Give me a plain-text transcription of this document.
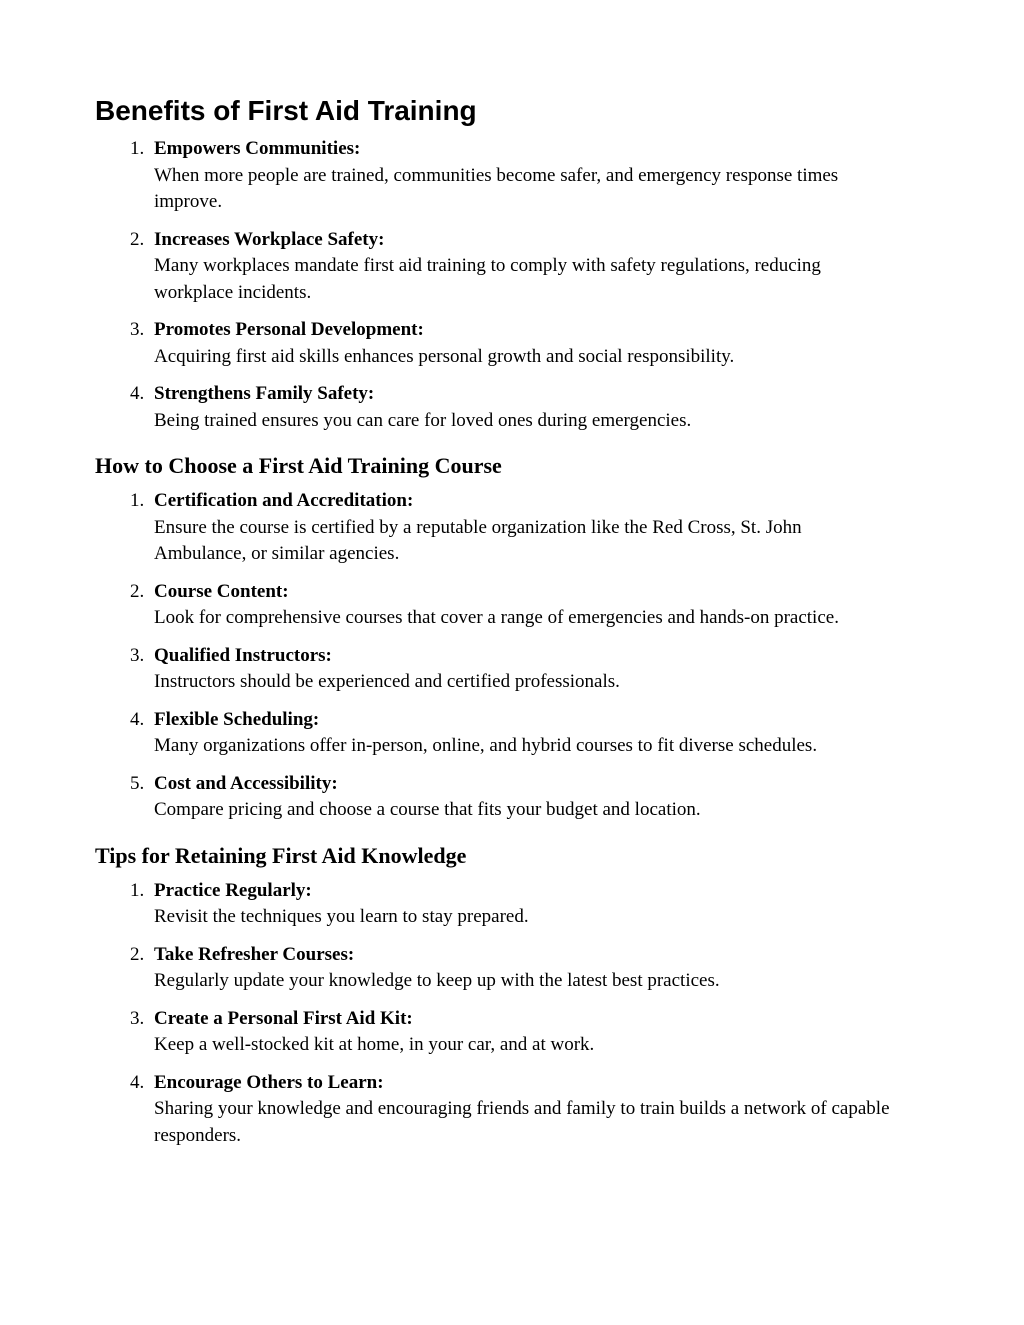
Benefits of First Aid Training
1. Empowers Communities:
When more people are trained, communities become safer, and emergency response times improve.
2. Increases Workplace Safety:
Many workplaces mandate first aid training to comply with safety regulations, reducing workplace incidents.
3. Promotes Personal Development:
Acquiring first aid skills enhances personal growth and social responsibility.
4. Strengthens Family Safety:
Being trained ensures you can care for loved ones during emergencies.
How to Choose a First Aid Training Course
1. Certification and Accreditation:
Ensure the course is certified by a reputable organization like the Red Cross, St. John Ambulance, or similar agencies.
2. Course Content:
Look for comprehensive courses that cover a range of emergencies and hands-on practice.
3. Qualified Instructors:
Instructors should be experienced and certified professionals.
4. Flexible Scheduling:
Many organizations offer in-person, online, and hybrid courses to fit diverse schedules.
5. Cost and Accessibility:
Compare pricing and choose a course that fits your budget and location.
Tips for Retaining First Aid Knowledge
1. Practice Regularly:
Revisit the techniques you learn to stay prepared.
2. Take Refresher Courses:
Regularly update your knowledge to keep up with the latest best practices.
3. Create a Personal First Aid Kit:
Keep a well-stocked kit at home, in your car, and at work.
4. Encourage Others to Learn:
Sharing your knowledge and encouraging friends and family to train builds a network of capable responders.
